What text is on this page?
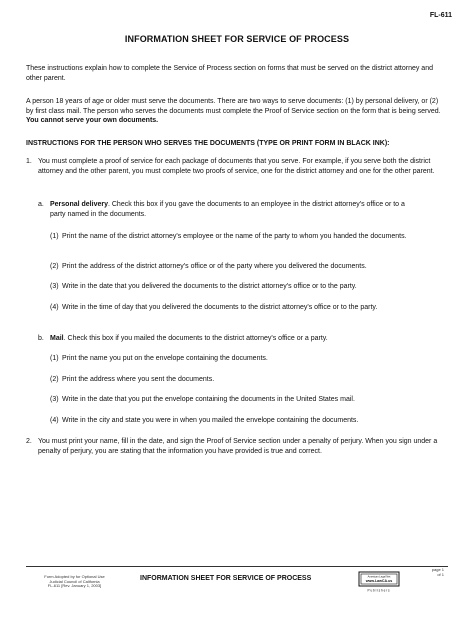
FL-611
INFORMATION SHEET FOR SERVICE OF PROCESS
These instructions explain how to complete the Service of Process section on forms that must be served on the district attorney and other parent.
A person 18 years of age or older must serve the documents. There are two ways to serve documents: (1) by personal delivery, or (2) by first class mail. The person who serves the documents must complete the Proof of Service section on the form that is being served. You cannot serve your own documents.
INSTRUCTIONS FOR THE PERSON WHO SERVES THE DOCUMENTS (TYPE OR PRINT FORM IN BLACK INK):
1. You must complete a proof of service for each package of documents that you serve. For example, if you serve both the district attorney and the other parent, you must complete two proofs of service, one for the district attorney and one for the other parent.
a. Personal delivery. Check this box if you gave the documents to an employee in the district attorney's office or to a party named in the documents.
(1) Print the name of the district attorney's employee or the name of the party to whom you handed the documents.
(2) Print the address of the district attorney's office or of the party where you delivered the documents.
(3) Write in the date that you delivered the documents to the district attorney's office or to the party.
(4) Write in the time of day that you delivered the documents to the district attorney's office or to the party.
b. Mail. Check this box if you mailed the documents to the district attorney's office or a party.
(1) Print the name you put on the envelope containing the documents.
(2) Print the address where you sent the documents.
(3) Write in the date that you put the envelope containing the documents in the United States mail.
(4) Write in the city and state you were in when you mailed the envelope containing the documents.
2. You must print your name, fill in the date, and sign the Proof of Service section under a penalty of perjury. When you sign under a penalty of perjury, you are stating that the information you have provided is true and correct.
Form Adopted by for Optional Use
Judicial Council of California
FL-611 [Rev. January 1, 2003]
INFORMATION SHEET FOR SERVICE OF PROCESS	American Legal Net
www.LawCA.us
Publishers
page 1
of 1
